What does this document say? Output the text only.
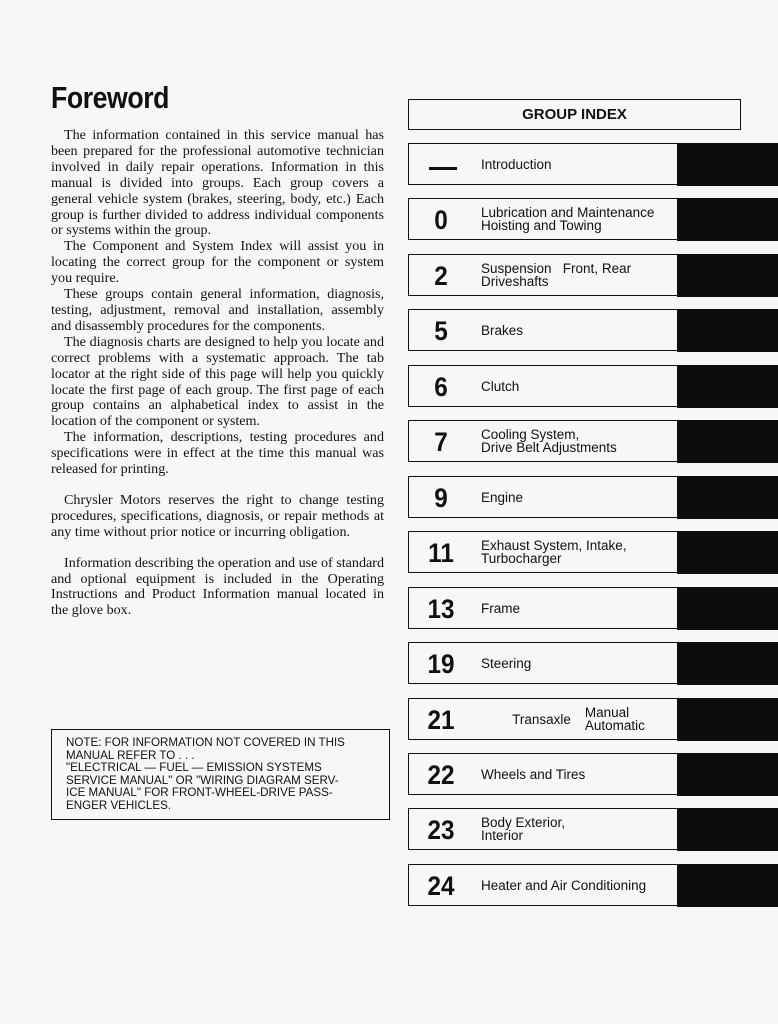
Foreword

The information contained in this service manual has been prepared for the professional automotive technician involved in daily repair operations. Information in this manual is divided into groups. Each group covers a general vehicle system (brakes, steering, body, etc.) Each group is further divided to address individual components or systems within the group.

The Component and System Index will assist you in locating the correct group for the component or system you require.

These groups contain general information, diagnosis, testing, adjustment, removal and installation, assembly and disassembly procedures for the components.

The diagnosis charts are designed to help you locate and correct problems with a systematic approach. The tab locator at the right side of this page will help you quickly locate the first page of each group. The first page of each group contains an alphabetical index to assist in the location of the component or system.

The information, descriptions, testing procedures and specifications were in effect at the time this manual was released for printing.

Chrysler Motors reserves the right to change testing procedures, specifications, diagnosis, or repair methods at any time without prior notice or incurring obligation.

Information describing the operation and use of standard and optional equipment is included in the Operating Instructions and Product Information manual located in the glove box.

NOTE: FOR INFORMATION NOT COVERED IN THIS
MANUAL REFER TO . . .
"ELECTRICAL — FUEL — EMISSION SYSTEMS
SERVICE MANUAL" OR "WIRING DIAGRAM SERV-
ICE MANUAL" FOR FRONT-WHEEL-DRIVE PASS-
ENGER VEHICLES.
GROUP INDEX
Introduction
0	Lubrication and Maintenance
Hoisting and Towing
2	Suspension   Front, Rear
Driveshafts
5	Brakes
6	Clutch
7	Cooling System,
Drive Belt Adjustments
9	Engine
11	Exhaust System, Intake,
Turbocharger
13	Frame
19	Steering
21	Transaxle Manual
Automatic
22	Wheels and Tires
23	Body Exterior,
Interior
24	Heater and Air Conditioning
